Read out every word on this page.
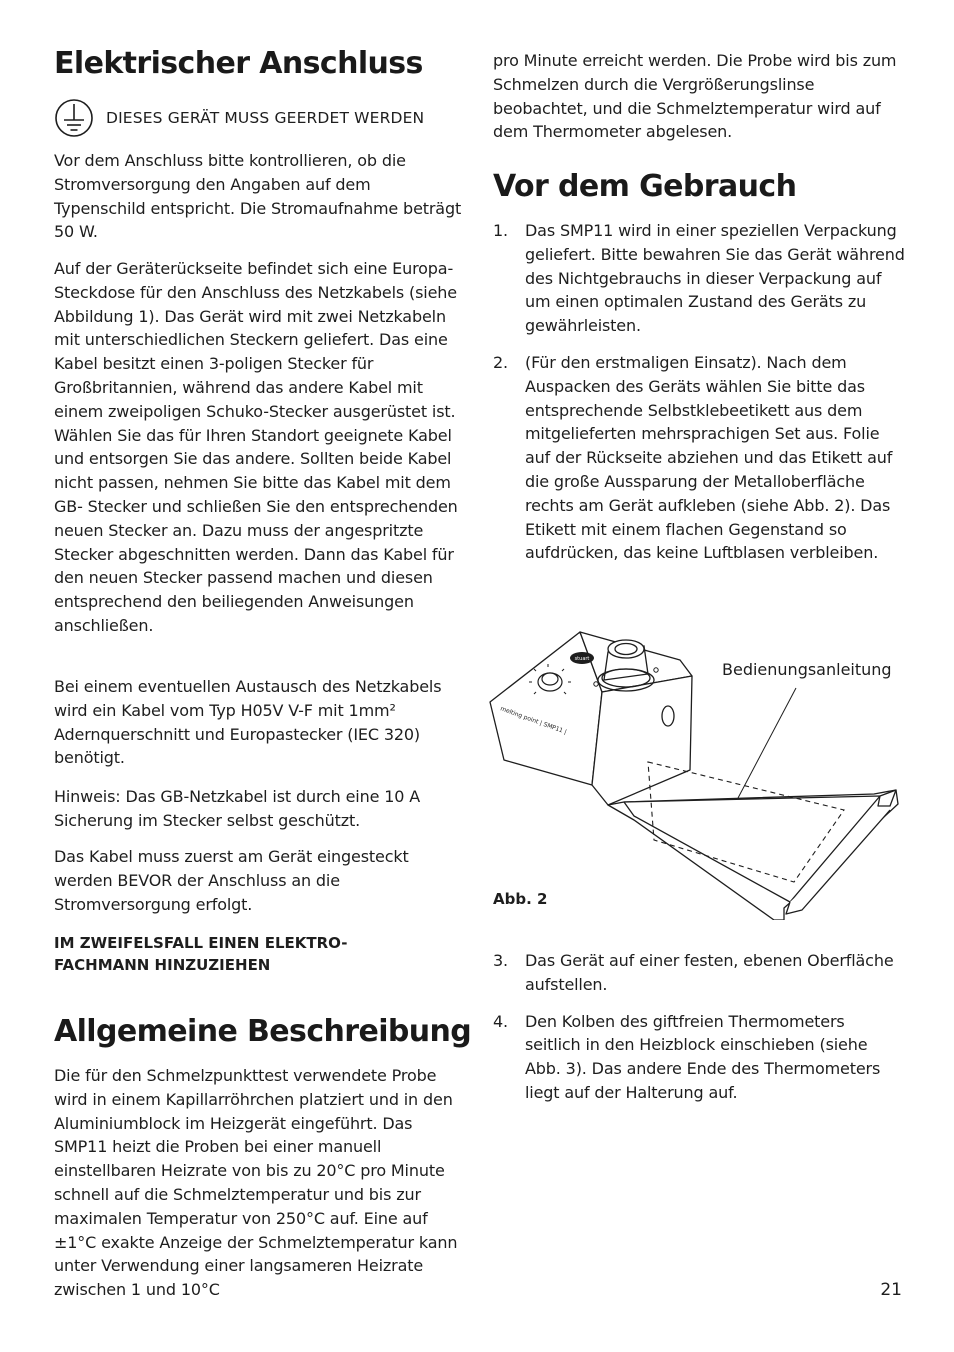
Elektrischer Anschluss
DIESES GERÄT MUSS GEERDET WERDEN

Vor dem Anschluss bitte kontrollieren, ob die Stromversorgung den Angaben auf dem Typenschild entspricht. Die Stromaufnahme beträgt 50 W.

Auf der Geräterückseite befindet sich eine Europa-Steckdose für den Anschluss des Netzkabels (siehe Abbildung 1). Das Gerät wird mit zwei Netzkabeln mit unterschiedlichen Steckern geliefert. Das eine Kabel besitzt einen 3-poligen Stecker für Großbritannien, während das andere Kabel mit einem zweipoligen Schuko-Stecker ausgerüstet ist. Wählen Sie das für Ihren Standort geeignete Kabel und entsorgen Sie das andere. Sollten beide Kabel nicht passen, nehmen Sie bitte das Kabel mit dem GB- Stecker und schließen Sie den entsprechenden neuen Stecker an. Dazu muss der angespritzte Stecker abgeschnitten werden. Dann das Kabel für den neuen Stecker passend machen und diesen entsprechend den beiliegenden Anweisungen anschließen.

Bei einem eventuellen Austausch des Netzkabels wird ein Kabel vom Typ H05V V-F mit 1mm² Adernquerschnitt und Europastecker (IEC 320) benötigt.

Hinweis: Das GB-Netzkabel ist durch eine 10 A Sicherung im Stecker selbst geschützt.

Das Kabel muss zuerst am Gerät eingesteckt werden BEVOR der Anschluss an die Stromversorgung erfolgt.

IM ZWEIFELSFALL EINEN ELEKTRO-FACHMANN HINZUZIEHEN

Allgemeine Beschreibung

Die für den Schmelzpunkttest verwendete Probe wird in einem Kapillarröhrchen platziert und in den Aluminiumblock im Heizgerät eingeführt. Das SMP11 heizt die Proben bei einer manuell einstellbaren Heizrate von bis zu 20°C pro Minute schnell auf die Schmelztemperatur und bis zur maximalen Temperatur von 250°C auf. Eine auf ±1°C exakte Anzeige der Schmelztemperatur kann unter Verwendung einer langsameren Heizrate zwischen 1 und 10°C

pro Minute erreicht werden. Die Probe wird bis zum Schmelzen durch die Vergrößerungslinse beobachtet, und die Schmelztemperatur wird auf dem Thermometer abgelesen.

Vor dem Gebrauch
1. Das SMP11 wird in einer speziellen Verpackung geliefert. Bitte bewahren Sie das Gerät während des Nichtgebrauchs in dieser Verpackung auf um einen optimalen Zustand des Geräts zu gewährleisten.
2. (Für den erstmaligen Einsatz). Nach dem Auspacken des Geräts wählen Sie bitte das entsprechende Selbstklebeetikett aus dem mitgelieferten mehrsprachigen Set aus. Folie auf der Rückseite abziehen und das Etikett auf die große Aussparung der Metalloberfläche rechts am Gerät aufkleben (siehe Abb. 2). Das Etikett mit einem flachen Gegenstand so aufdrücken, das keine Luftblasen verbleiben.
3. Das Gerät auf einer festen, ebenen Oberfläche aufstellen.
4. Den Kolben des giftfreien Thermometers seitlich in den Heizblock einschieben (siehe Abb. 3). Das andere Ende des Thermometers liegt auf der Halterung auf.
stuart
melting point | SMP11 |
Bedienungsanleitung
Abb. 2
21
